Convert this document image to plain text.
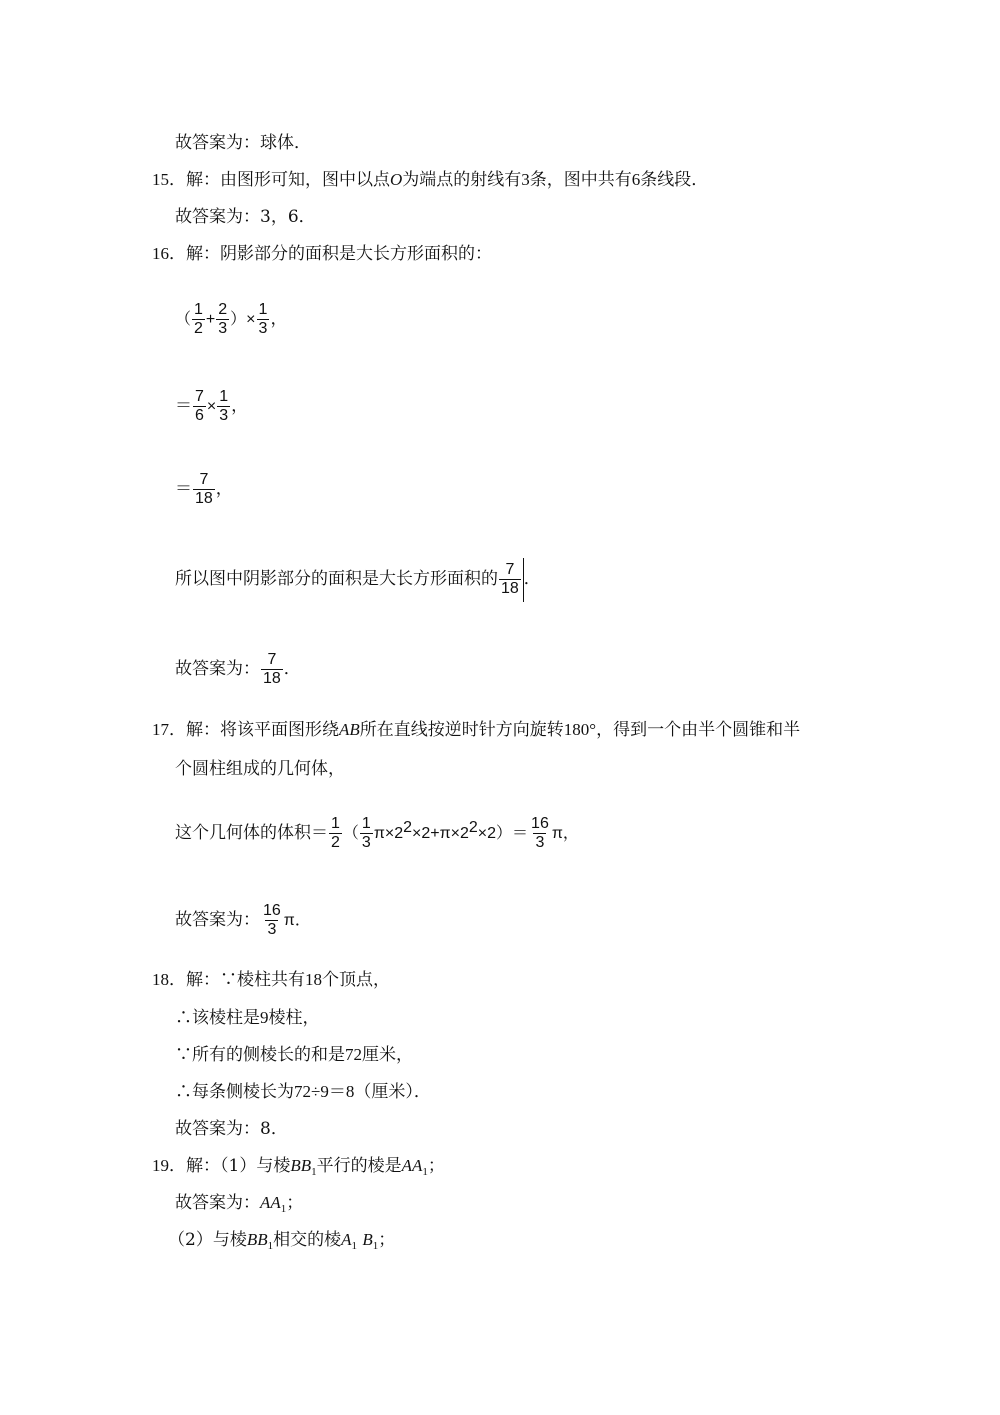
故答案为：球体．
15．解：由图形可知，图中以点O为端点的射线有3条，图中共有6条线段．
故答案为：3，6．
16．解：阴影部分的面积是大长方形面积的：
（ $\frac{1}{2} + \frac{2}{3}$ ）× $\frac{1}{3}$ ，
＝ $\frac{7}{6} \times \frac{1}{3}$ ，
＝ $\frac{7}{18}$ ，
所以图中阴影部分的面积是大长方形面积的 $\frac{7}{18}$ ．
故答案为： $\frac{7}{18}$ ．
17．解：将该平面图形绕AB所在直线按逆时针方向旋转180°，得到一个由半个圆锥和半
个圆柱组成的几何体，
这个几何体的体积＝ $\frac{1}{2}$ （ $\frac{1}{3} \pi\times 22\times 2+\pi\times 22\times 2)= \frac{16}{3}$ π，
故答案为： $\frac{16}{3}$ π．
18．解：∵棱柱共有18个顶点，
∴该棱柱是9棱柱，
∵所有的侧棱长的和是72厘米，
∴每条侧棱长为72÷9＝8（厘米）．
故答案为：8．
19．解：（1）与棱$BB_1$平行的棱是$AA_1$；
故答案为：$AA_1$；
（2）与棱$BB_1$相交的棱$A_1$ $B_1$；
